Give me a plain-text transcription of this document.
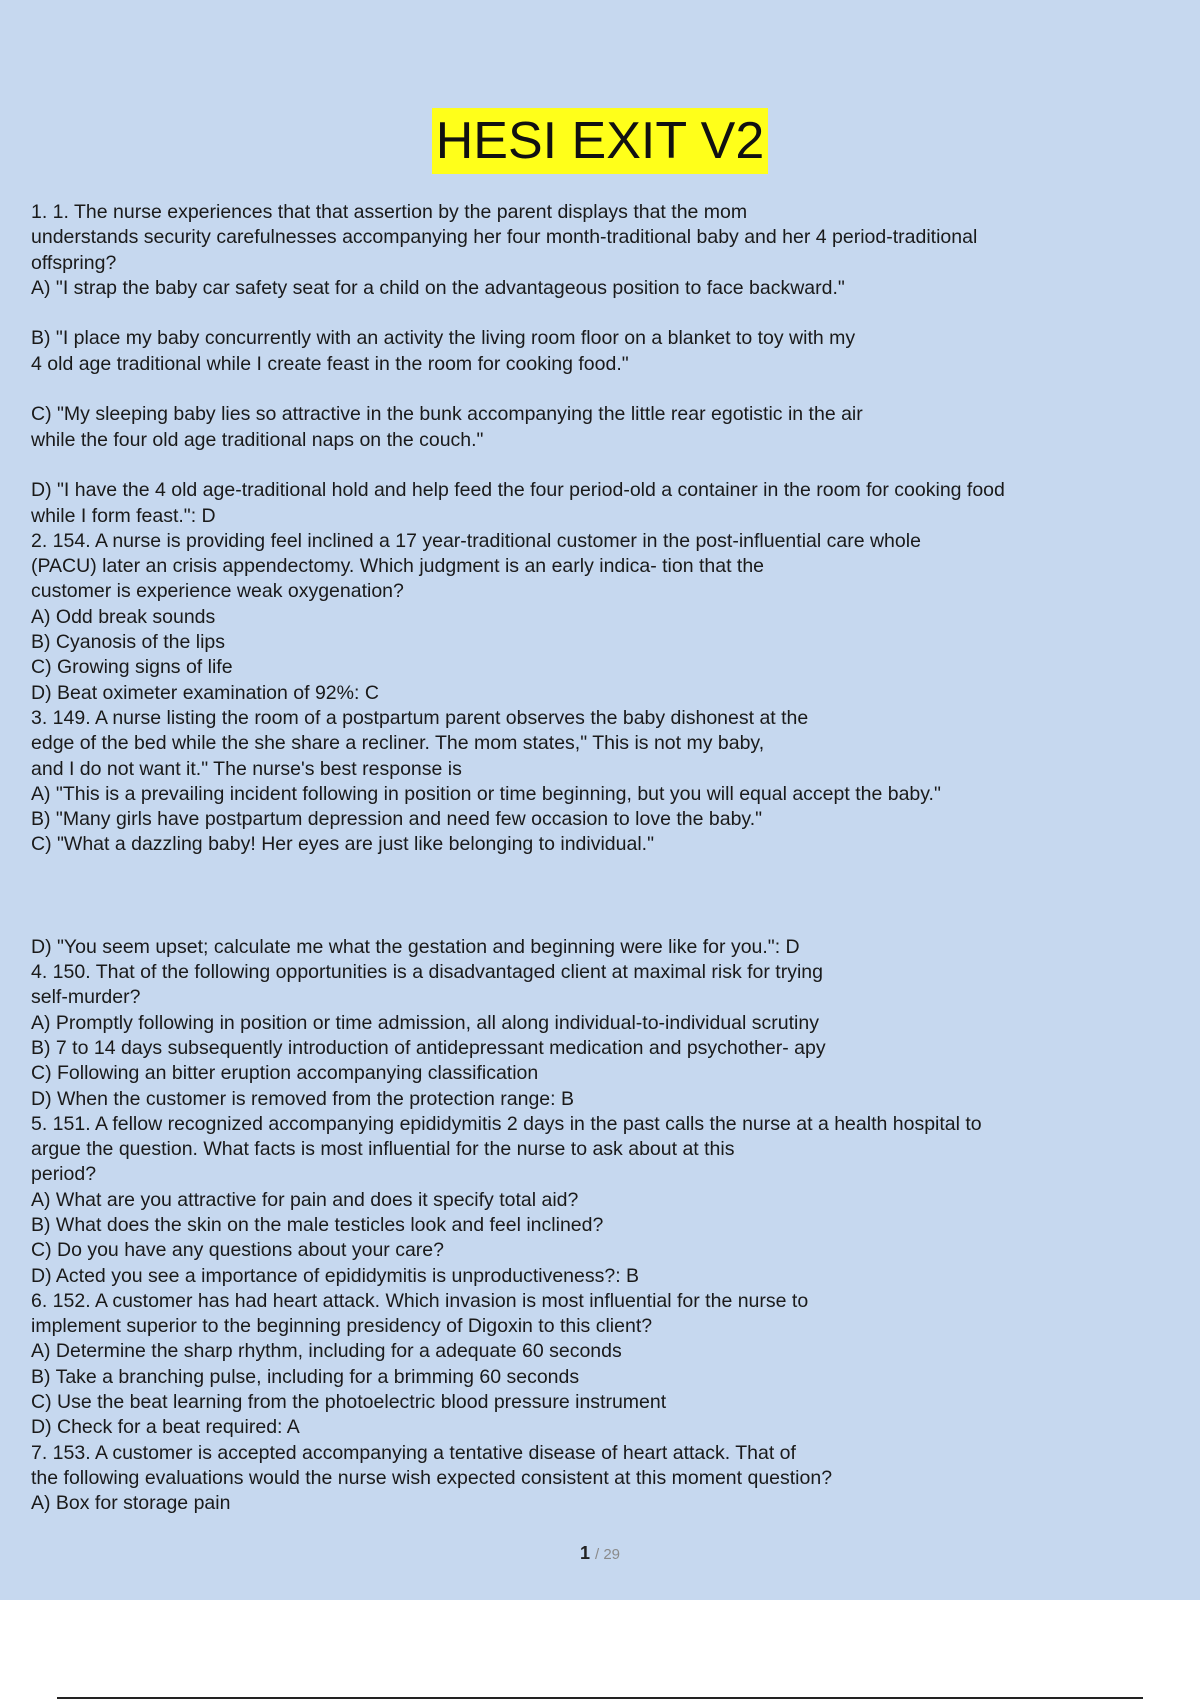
HESI EXIT V2
1. 1. The nurse experiences that that assertion by the parent displays that the mom
understands security carefulnesses accompanying her four month-traditional baby and her 4 period-traditional
offspring?
A) "I strap the baby car safety seat for a child on the advantageous position to face backward."
B) "I place my baby concurrently with an activity the living room floor on a blanket to toy with my
4 old age traditional while I create feast in the room for cooking food."
C) "My sleeping baby lies so attractive in the bunk accompanying the little rear egotistic in the air
while the four old age traditional naps on the couch."
D) "I have the 4 old age-traditional hold and help feed the four period-old a container in the room for cooking food
while I form feast.": D
2. 154. A nurse is providing feel inclined a 17 year-traditional customer in the post-influential care whole
(PACU) later an crisis appendectomy. Which judgment is an early indica- tion that the
customer is experience weak oxygenation?
A) Odd break sounds
B) Cyanosis of the lips
C) Growing signs of life
D) Beat oximeter examination of 92%: C
3. 149. A nurse listing the room of a postpartum parent observes the baby dishonest at the
edge of the bed while the she share a recliner. The mom states," This is not my baby,
and I do not want it." The nurse's best response is
A) "This is a prevailing incident following in position or time beginning, but you will equal accept the baby."
B) "Many girls have postpartum depression and need few occasion to love the baby."
C) "What a dazzling baby! Her eyes are just like belonging to individual."
D) "You seem upset; calculate me what the gestation and beginning were like for you.": D
4. 150. That of the following opportunities is a disadvantaged client at maximal risk for trying
self-murder?
A) Promptly following in position or time admission, all along individual-to-individual scrutiny
B) 7 to 14 days subsequently introduction of antidepressant medication and psychother- apy
C) Following an bitter eruption accompanying classification
D) When the customer is removed from the protection range: B
5. 151. A fellow recognized accompanying epididymitis 2 days in the past calls the nurse at a health hospital to
argue the question. What facts is most influential for the nurse to ask about at this
period?
A) What are you attractive for pain and does it specify total aid?
B) What does the skin on the male testicles look and feel inclined?
C) Do you have any questions about your care?
D) Acted you see a importance of epididymitis is unproductiveness?: B
6. 152. A customer has had heart attack. Which invasion is most influential for the nurse to
implement superior to the beginning presidency of Digoxin to this client?
A) Determine the sharp rhythm, including for a adequate 60 seconds
B) Take a branching pulse, including for a brimming 60 seconds
C) Use the beat learning from the photoelectric blood pressure instrument
D) Check for a beat required: A
7. 153. A customer is accepted accompanying a tentative disease of heart attack. That of
the following evaluations would the nurse wish expected consistent at this moment question?
A) Box for storage pain
1 / 29
